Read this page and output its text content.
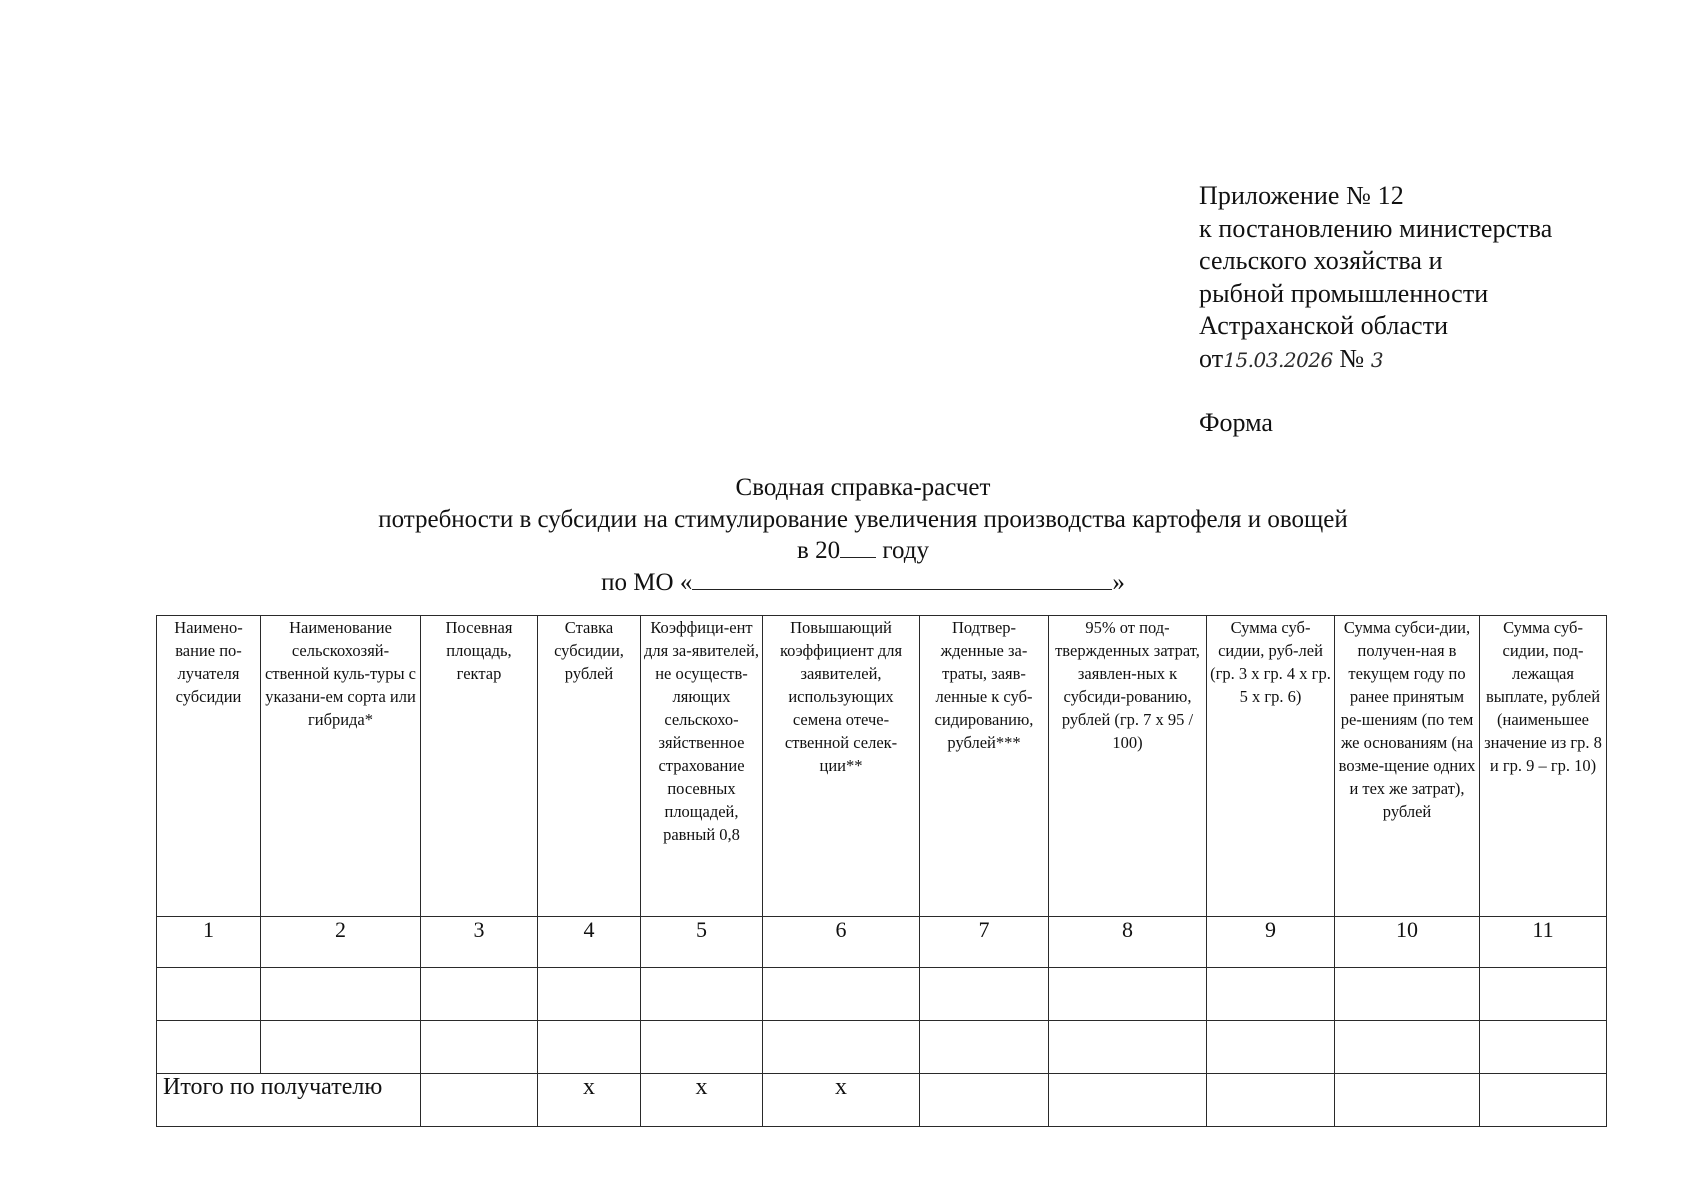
Приложение № 12
к постановлению министерства
сельского хозяйства и
рыбной промышленности
Астраханской области
от15.03.2026 № 3
Форма
Сводная справка-расчет
потребности в субсидии на стимулирование увеличения производства картофеля и овощей
в 20 году
по МО «	»
Наимено-вание по-лучателя субсидии	Наименование сельскохозяй-ственной куль-туры с указани-ем сорта или гибрида*	Посевная площадь, гектар	Ставка субсидии, рублей	Коэффици-ент для за-явителей, не осуществ-ляющих сельскохо-зяйственное страхование посевных площадей, равный 0,8	Повышающий коэффициент для заявителей, использующих семена отече-ственной селек-ции**	Подтвер-жденные за-траты, заяв-ленные к суб-сидированию, рублей***	95% от под-твержденных затрат, заявлен-ных к субсиди-рованию, рублей (гр. 7 х 95 / 100)	Сумма суб-сидии, руб-лей (гр. 3 х гр. 4 х гр. 5 х гр. 6)	Сумма субси-дии, получен-ная в текущем году по ранее принятым ре-шениям (по тем же основаниям (на возме-щение одних и тех же затрат), рублей	Сумма суб-сидии, под-лежащая выплате, рублей (наименьшее значение из гр. 8 и гр. 9 – гр. 10)

1	2	3	4	5	6	7	8	9	10	11

Итого по получателю			х	х	х					
